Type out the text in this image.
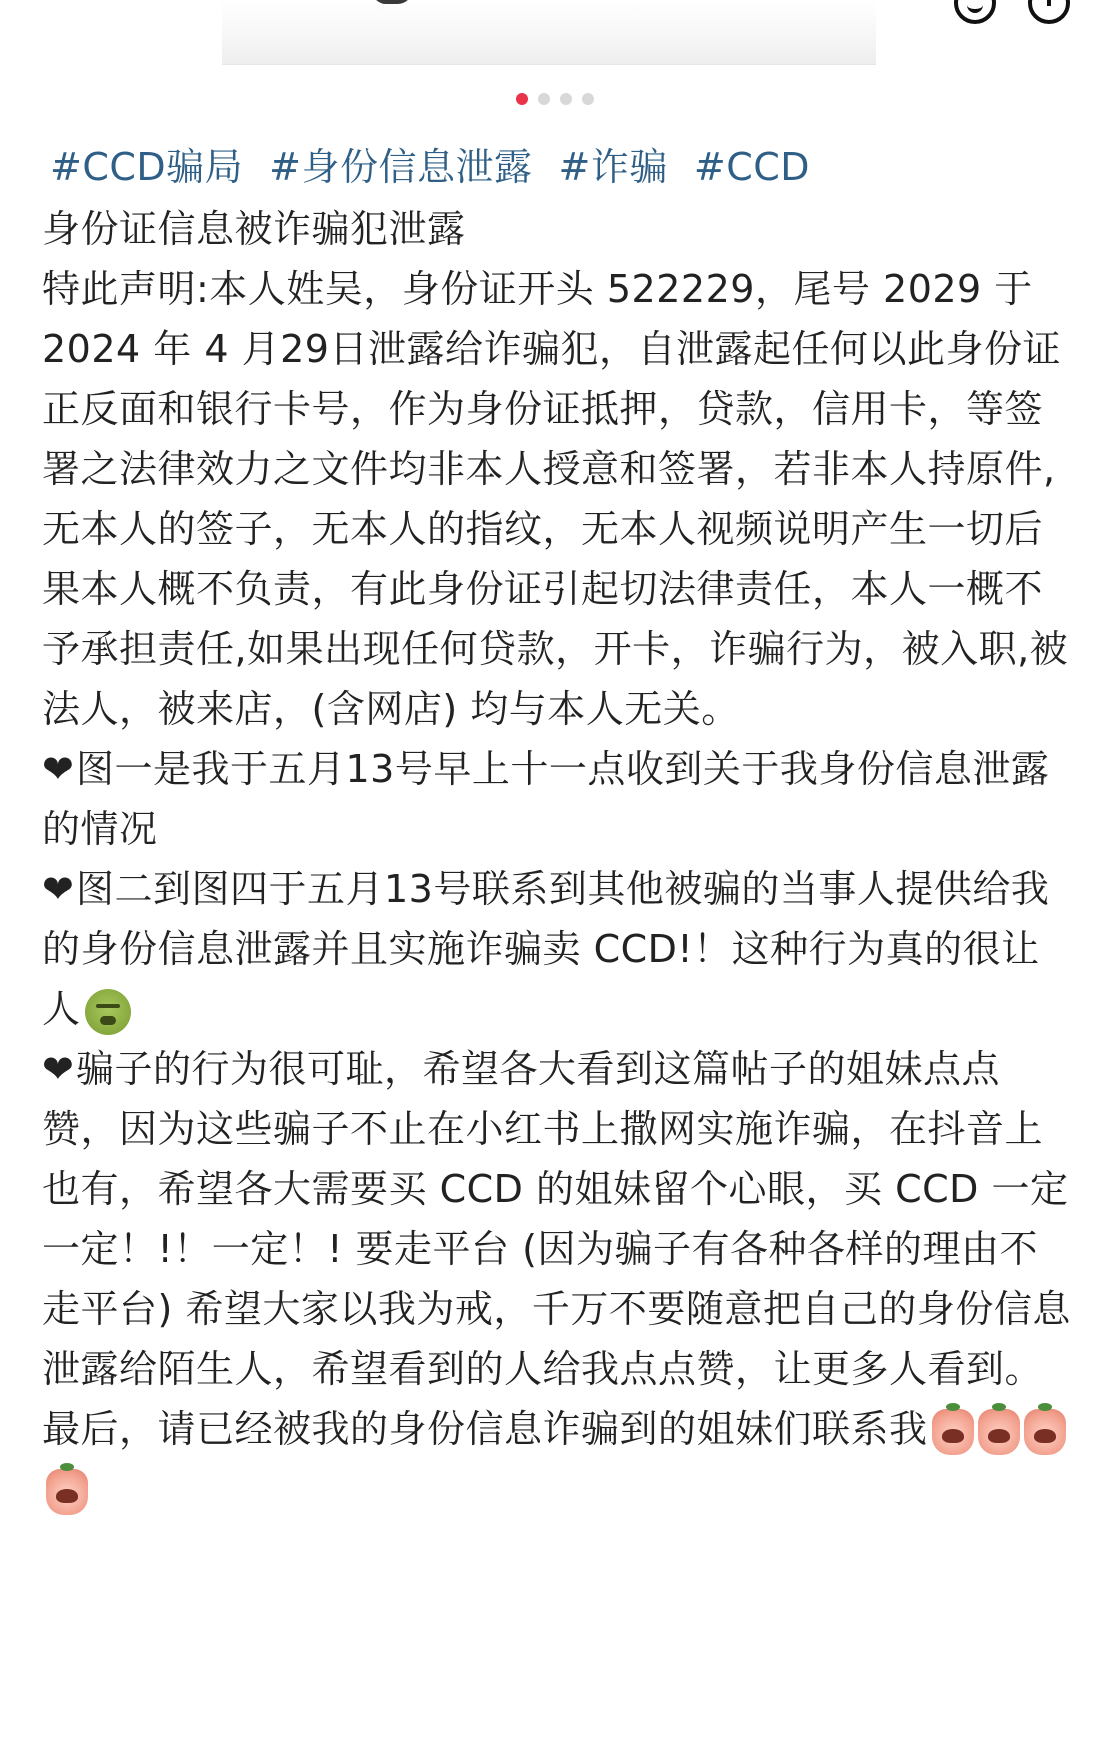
#CCD骗局 #身份信息泄露 #诈骗 #CCD

身份证信息被诈骗犯泄露

特此声明:本人姓吴，身份证开头 522229，尾号 2029 于 2024 年 4 月29日泄露给诈骗犯，自泄露起任何以此身份证正反面和银行卡号，作为身份证抵押，贷款，信用卡，等签署之法律效力之文件均非本人授意和签署，若非本人持原件,无本人的签子，无本人的指纹，无本人视频说明产生一切后果本人概不负责，有此身份证引起切法律责任，本人一概不予承担责任,如果出现任何贷款，开卡，诈骗行为，被入职,被法人，被来店，(含网店) 均与本人无关。

❤图一是我于五月13号早上十一点收到关于我身份信息泄露的情况

❤图二到图四于五月13号联系到其他被骗的当事人提供给我的身份信息泄露并且实施诈骗卖 CCD!！这种行为真的很让人

❤骗子的行为很可耻，希望各大看到这篇帖子的姐妹点点赞，因为这些骗子不止在小红书上撒网实施诈骗，在抖音上也有，希望各大需要买 CCD 的姐妹留个心眼，买 CCD 一定一定！!！一定！! 要走平台 (因为骗子有各种各样的理由不走平台) 希望大家以我为戒，千万不要随意把自己的身份信息泄露给陌生人，希望看到的人给我点点赞，让更多人看到。最后，请已经被我的身份信息诈骗到的姐妹们联系我
